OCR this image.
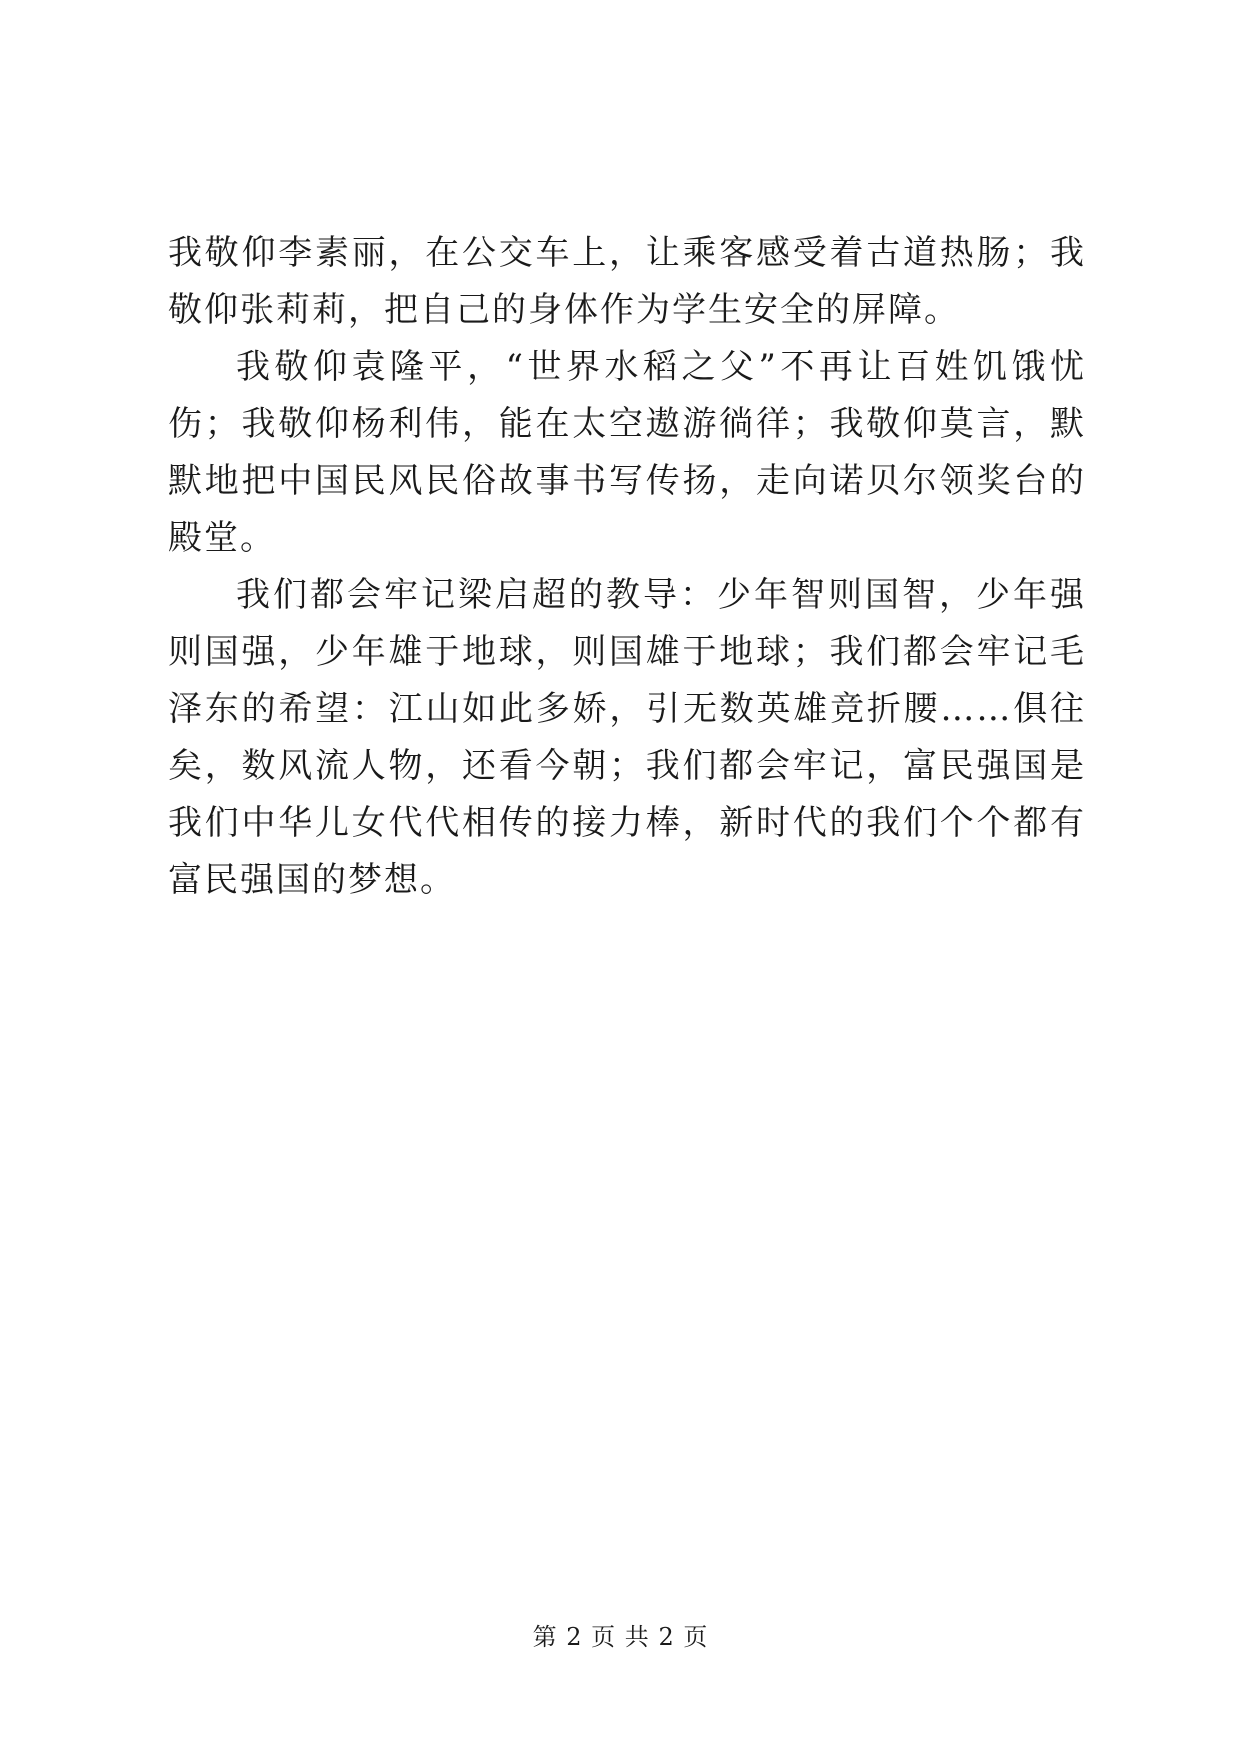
我敬仰李素丽，在公交车上，让乘客感受着古道热肠；我敬仰张莉莉，把自己的身体作为学生安全的屏障。

我敬仰袁隆平，“世界水稻之父”不再让百姓饥饿忧伤；我敬仰杨利伟，能在太空遨游徜徉；我敬仰莫言，默默地把中国民风民俗故事书写传扬，走向诺贝尔领奖台的殿堂。

我们都会牢记梁启超的教导：少年智则国智，少年强则国强，少年雄于地球，则国雄于地球；我们都会牢记毛泽东的希望：江山如此多娇，引无数英雄竞折腰……俱往矣，数风流人物，还看今朝；我们都会牢记，富民强国是我们中华儿女代代相传的接力棒，新时代的我们个个都有富民强国的梦想。

第 2 页 共 2 页
